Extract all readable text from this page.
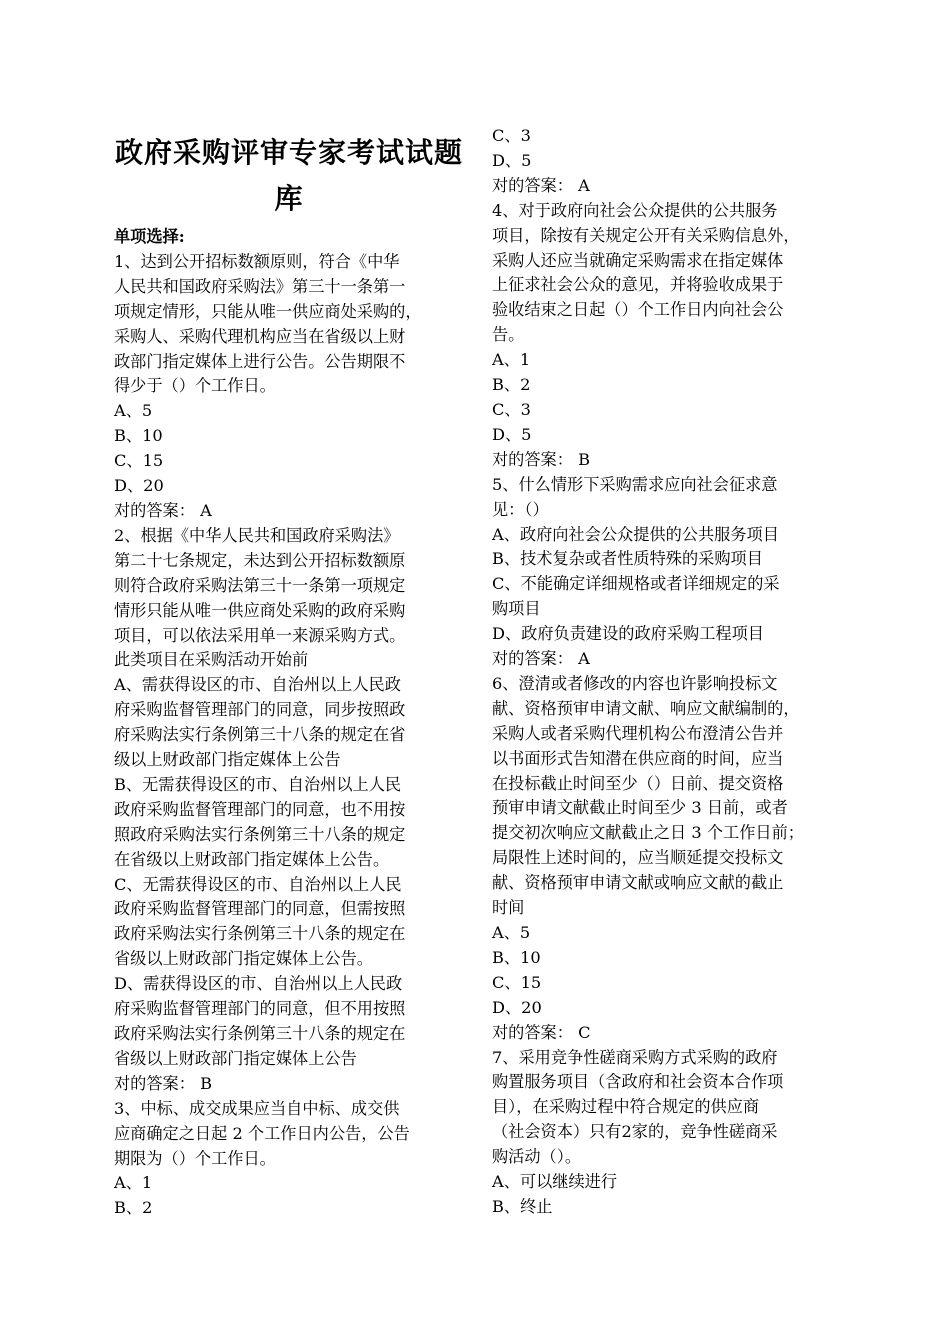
政府采购评审专家考试试题

库

单项选择:

1、达到公开招标数额原则，符合《中华

人民共和国政府采购法》第三十一条第一

项规定情形，只能从唯一供应商处采购的，

采购人、采购代理机构应当在省级以上财

政部门指定媒体上进行公告。公告期限不

得少于（）个工作日。

A、5

B、10

C、15

D、20

对的答案： A

2、根据《中华人民共和国政府采购法》

第二十七条规定，未达到公开招标数额原

则符合政府采购法第三十一条第一项规定

情形只能从唯一供应商处采购的政府采购

项目，可以依法采用单一来源采购方式。

此类项目在采购活动开始前

A、需获得设区的市、自治州以上人民政

府采购监督管理部门的同意，同步按照政

府采购法实行条例第三十八条的规定在省

级以上财政部门指定媒体上公告

B、无需获得设区的市、自治州以上人民

政府采购监督管理部门的同意，也不用按

照政府采购法实行条例第三十八条的规定

在省级以上财政部门指定媒体上公告。

C、无需获得设区的市、自治州以上人民

政府采购监督管理部门的同意，但需按照

政府采购法实行条例第三十八条的规定在

省级以上财政部门指定媒体上公告。

D、需获得设区的市、自治州以上人民政

府采购监督管理部门的同意，但不用按照

政府采购法实行条例第三十八条的规定在

省级以上财政部门指定媒体上公告

对的答案： B

3、中标、成交成果应当自中标、成交供

应商确定之日起 2 个工作日内公告，公告

期限为（）个工作日。

A、1

B、2

C、3

D、5

对的答案： A

4、对于政府向社会公众提供的公共服务

项目，除按有关规定公开有关采购信息外，

采购人还应当就确定采购需求在指定媒体

上征求社会公众的意见，并将验收成果于

验收结束之日起（）个工作日内向社会公

告。

A、1

B、2

C、3

D、5

对的答案： B

5、什么情形下采购需求应向社会征求意

见：（）

A、政府向社会公众提供的公共服务项目

B、技术复杂或者性质特殊的采购项目

C、不能确定详细规格或者详细规定的采

购项目

D、政府负责建设的政府采购工程项目

对的答案： A

6、澄清或者修改的内容也许影响投标文

献、资格预审申请文献、响应文献编制的，

采购人或者采购代理机构公布澄清公告并

以书面形式告知潜在供应商的时间，应当

在投标截止时间至少（）日前、提交资格

预审申请文献截止时间至少 3 日前，或者

提交初次响应文献截止之日 3 个工作日前；

局限性上述时间的，应当顺延提交投标文

献、资格预审申请文献或响应文献的截止

时间

A、5

B、10

C、15

D、20

对的答案： C

7、采用竞争性磋商采购方式采购的政府

购置服务项目（含政府和社会资本合作项

目），在采购过程中符合规定的供应商

（社会资本）只有2家的，竞争性磋商采

购活动（）。

A、可以继续进行

B、终止
